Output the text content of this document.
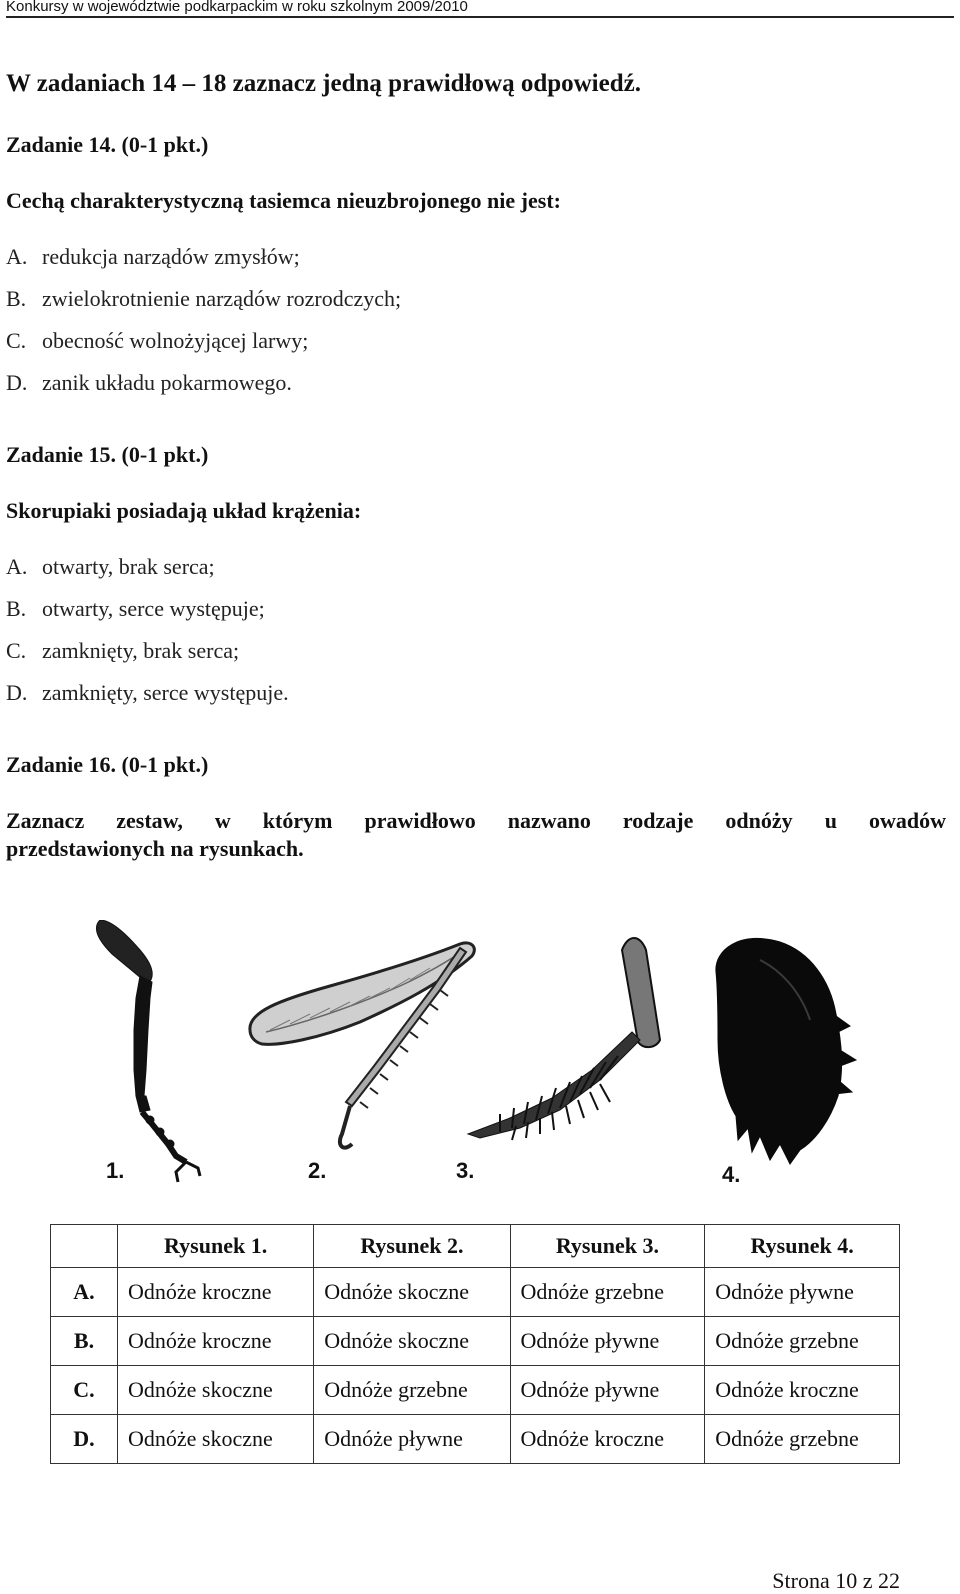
Konkursy w województwie podkarpackim w roku szkolnym 2009/2010
W zadaniach 14 – 18 zaznacz jedną prawidłową odpowiedź.
Zadanie 14. (0-1 pkt.)
Cechą charakterystyczną tasiemca nieuzbrojonego nie jest:
A. redukcja narządów zmysłów;
B. zwielokrotnienie narządów rozrodczych;
C. obecność wolnożyjącej larwy;
D. zanik układu pokarmowego.
Zadanie 15. (0-1 pkt.)
Skorupiaki posiadają układ krążenia:
A. otwarty, brak serca;
B. otwarty, serce występuje;
C. zamknięty, brak serca;
D. zamknięty, serce występuje.
Zadanie 16. (0-1 pkt.)
Zaznacz zestaw, w którym prawidłowo nazwano rodzaje odnóży u owadów
przedstawionych na rysunkach.
1.	2.	3.	4.
	Rysunek 1.	Rysunek 2.	Rysunek 3.	Rysunek 4.
A.	Odnóże kroczne	Odnóże skoczne	Odnóże grzebne	Odnóże pływne
B.	Odnóże kroczne	Odnóże skoczne	Odnóże pływne	Odnóże grzebne
C.	Odnóże skoczne	Odnóże grzebne	Odnóże pływne	Odnóże kroczne
D.	Odnóże skoczne	Odnóże pływne	Odnóże kroczne	Odnóże grzebne
Strona 10 z 22
